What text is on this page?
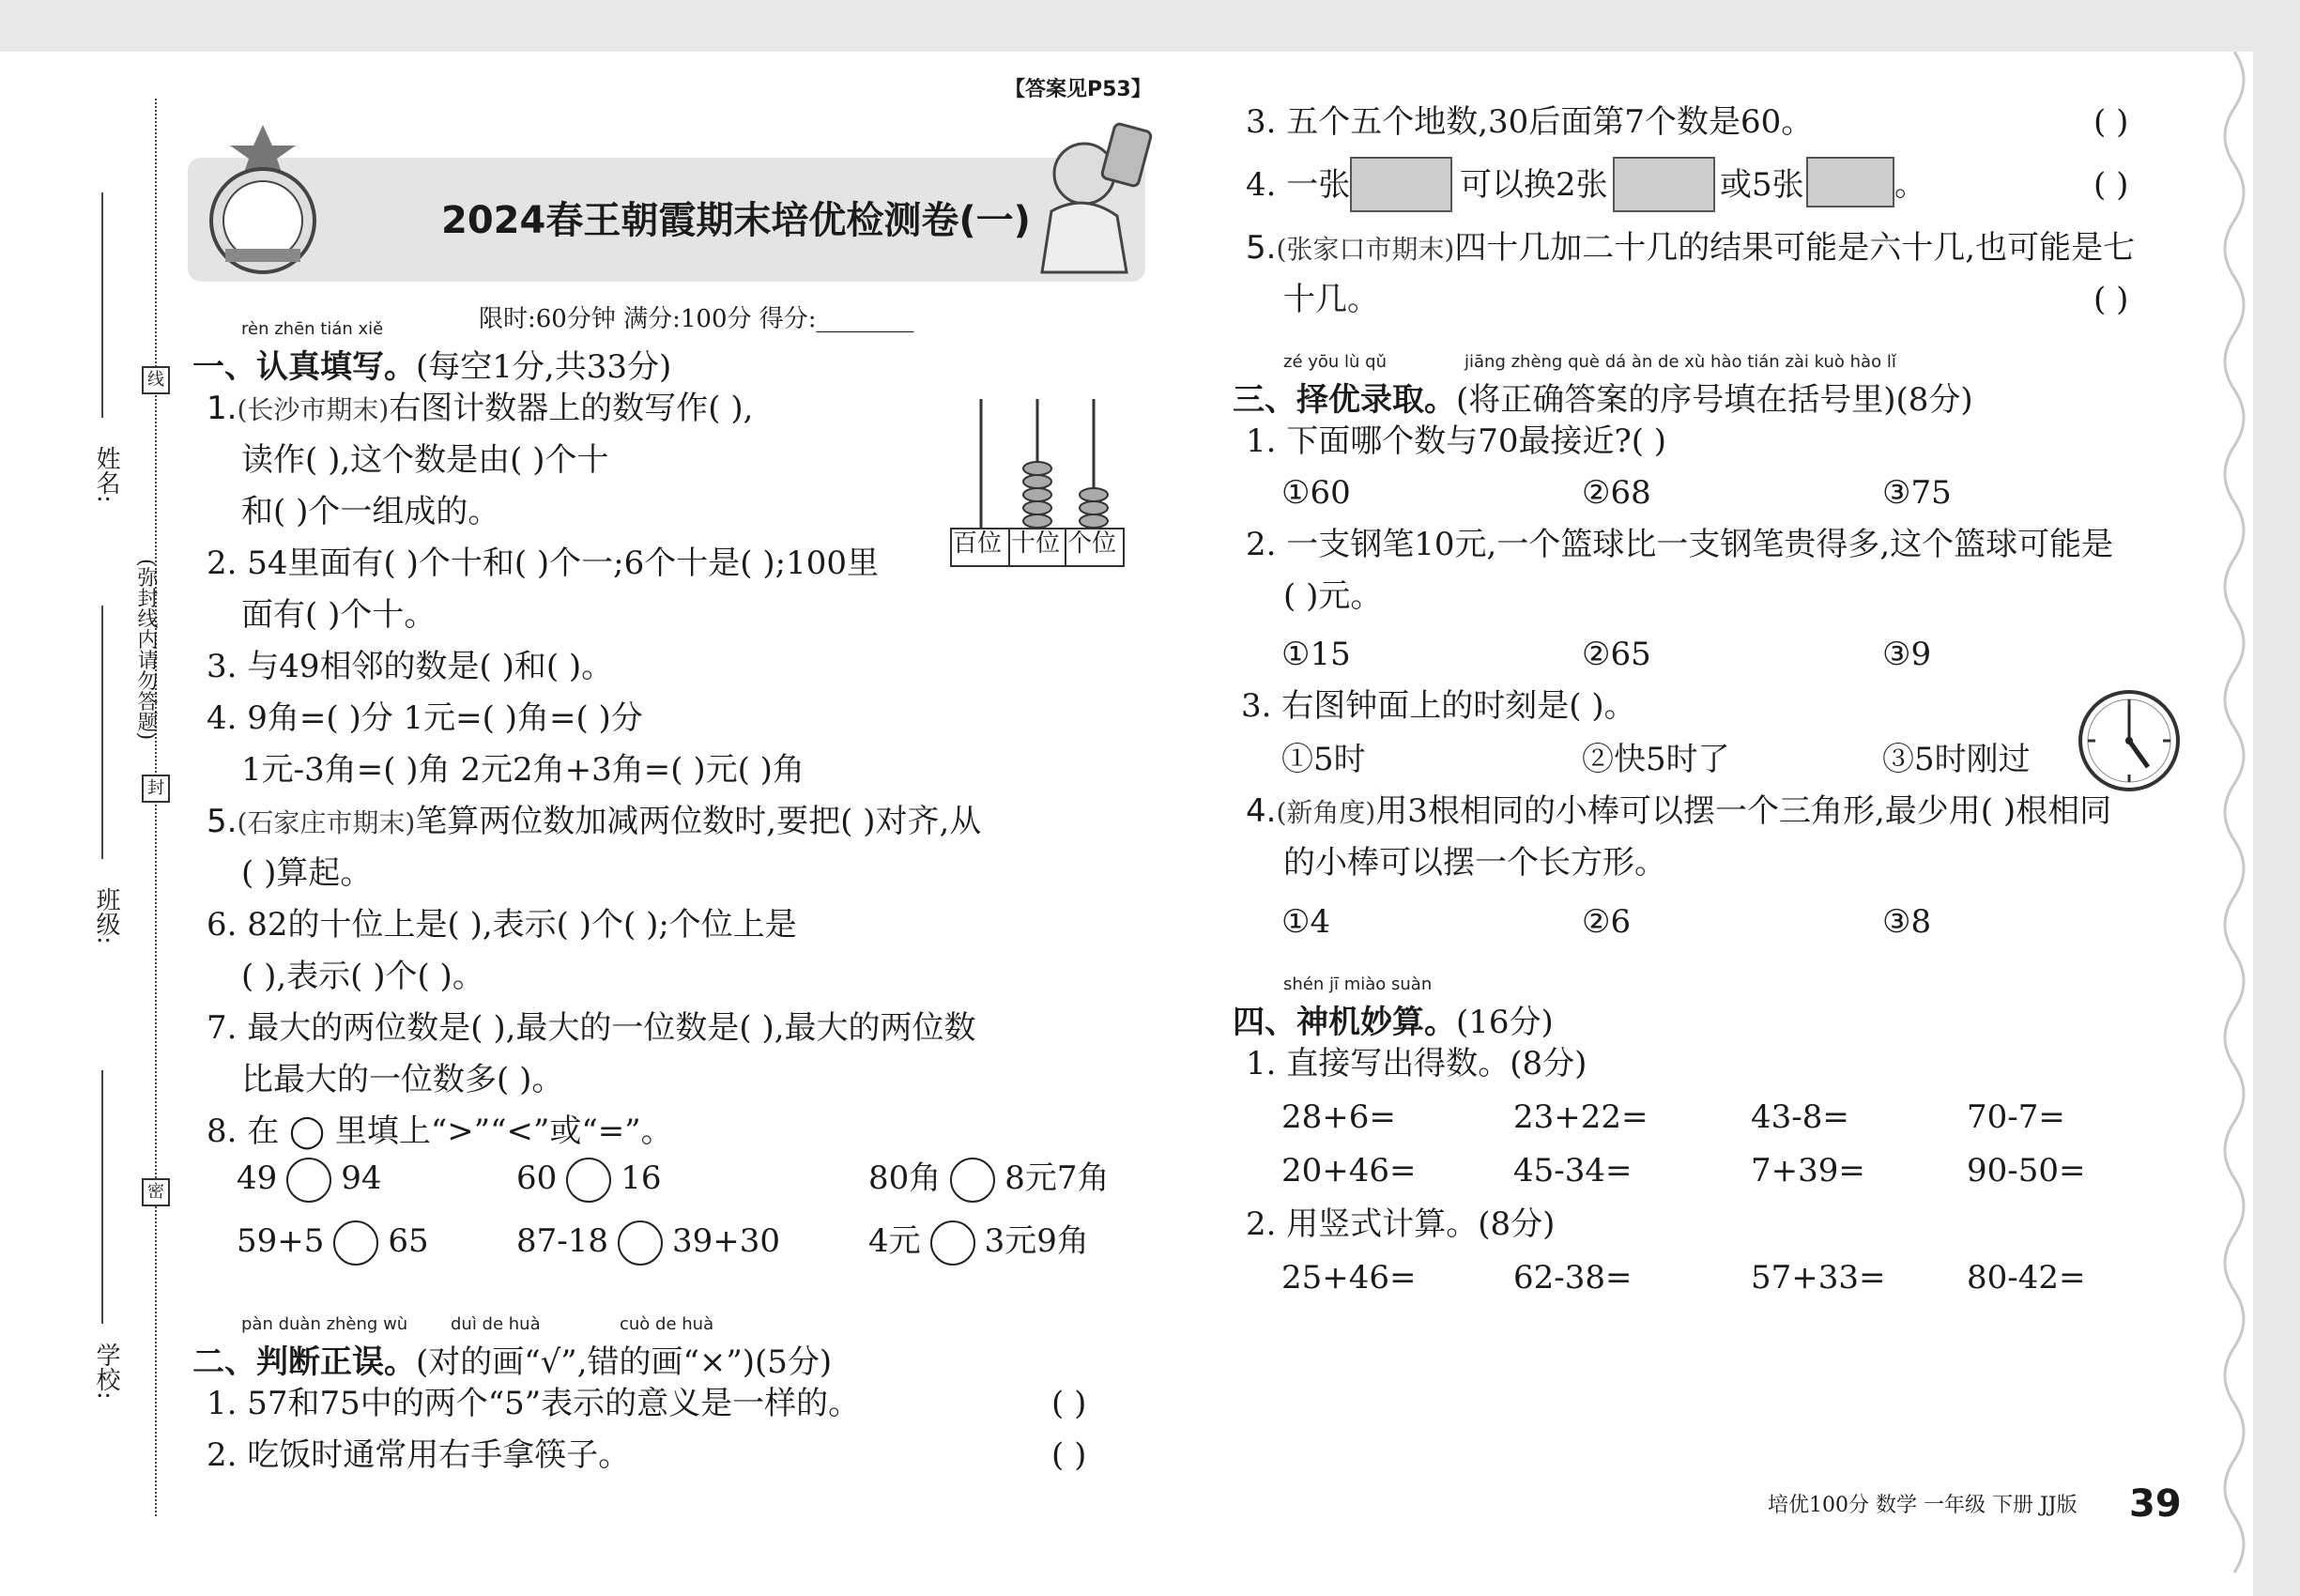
姓名:
(弥封线内请勿答题)
线
封
密
班级:
学校:
【答案见P53】
2024春王朝霞期末培优检测卷(一)
限时:60分钟 满分:100分 得分:________
rèn zhēn tián xiě
一、认真填写。(每空1分,共33分)
1.(长沙市期末)右图计数器上的数写作( ),
读作( ),这个数是由( )个十
和( )个一组成的。
百位 十位 个位
2. 54里面有( )个十和( )个一;6个十是( );100里
面有( )个十。
3. 与49相邻的数是( )和( )。
4. 9角=( )分 1元=( )角=( )分
1元-3角=( )角 2元2角+3角=( )元( )角
5.(石家庄市期末)笔算两位数加减两位数时,要把( )对齐,从
( )算起。
6. 82的十位上是( ),表示( )个( );个位上是
( ),表示( )个( )。
7. 最大的两位数是( ),最大的一位数是( ),最大的两位数
比最大的一位数多( )。
8. 在 ◯ 里填上“>”“<”或“=”。
49 94	60 16	80角 8元7角
59+5 65	87-18 39+30	4元 3元9角
pàn duàn zhèng wù	duì de huà	cuò de huà
二、判断正误。(对的画“√”,错的画“×”)(5分)
1. 57和75中的两个“5”表示的意义是一样的。	( )
2. 吃饭时通常用右手拿筷子。	( )
3. 五个五个地数,30后面第7个数是60。	( )
4. 一张	可以换2张	或5张	。	( )
5.(张家口市期末)四十几加二十几的结果可能是六十几,也可能是七
十几。	( )
zé yōu lù qǔ	jiāng zhèng què dá àn de xù hào tián zài kuò hào lǐ
三、择优录取。(将正确答案的序号填在括号里)(8分)
1. 下面哪个数与70最接近?( )
①60	②68	③75
2. 一支钢笔10元,一个篮球比一支钢笔贵得多,这个篮球可能是
( )元。
①15	②65	③9
3. 右图钟面上的时刻是( )。
①5时	②快5时了	③5时刚过
4.(新角度)用3根相同的小棒可以摆一个三角形,最少用( )根相同
的小棒可以摆一个长方形。
①4	②6	③8
shén jī miào suàn
四、神机妙算。(16分)
1. 直接写出得数。(8分)
28+6=	23+22=	43-8=	70-7=
20+46=	45-34=	7+39=	90-50=
2. 用竖式计算。(8分)
25+46=	62-38=	57+33=	80-42=
培优100分 数学 一年级 下册 JJ版 39
